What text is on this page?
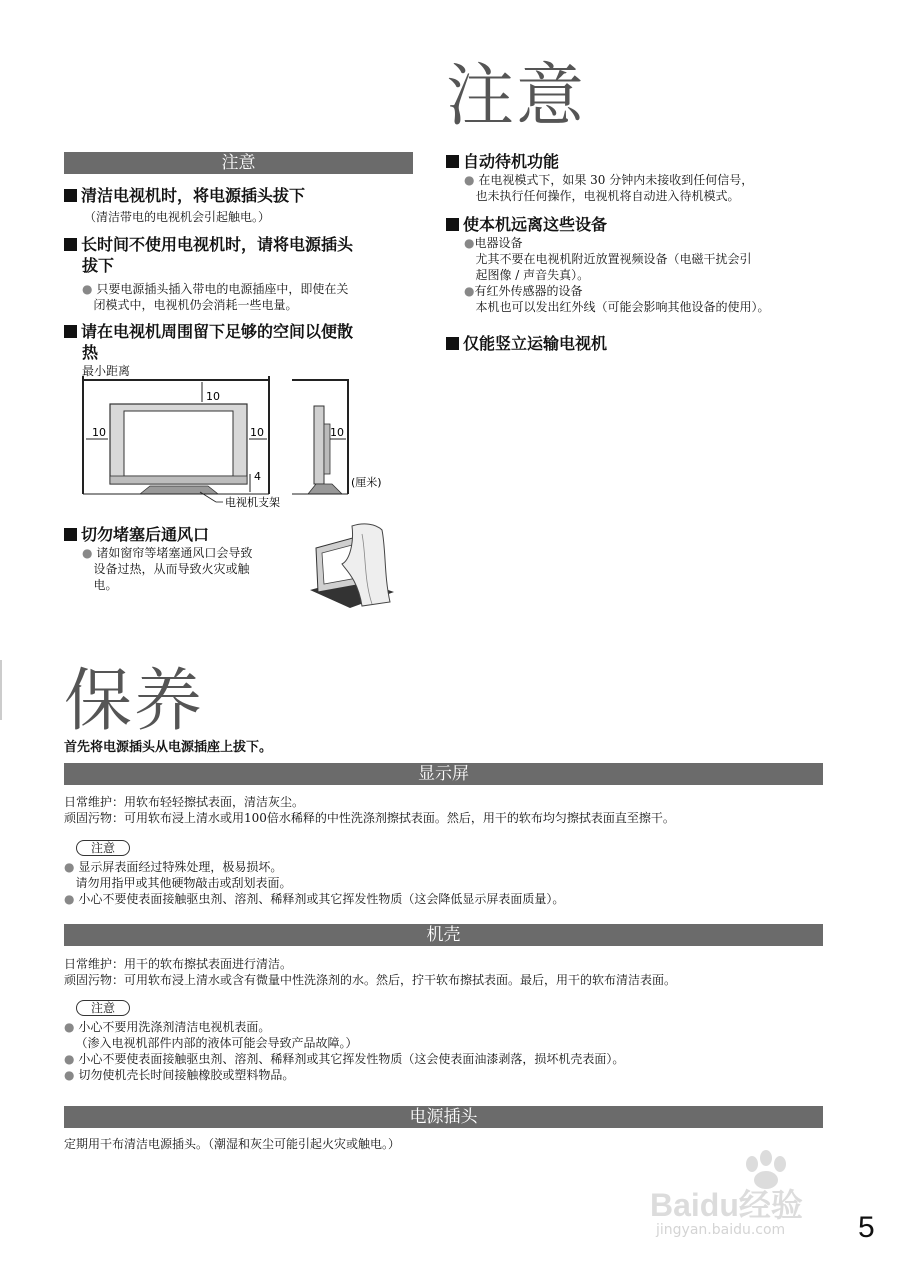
注意
注意
清洁电视机时，将电源插头拔下
（清洁带电的电视机会引起触电。）
长时间不使用电视机时，请将电源插头
拔下
● 只要电源插头插入带电的电源插座中，即使在关
闭模式中，电视机仍会消耗一些电量。
请在电视机周围留下足够的空间以便散
热
最小距离
10
10	10
4
电视机支架
10
(厘米)
切勿堵塞后通风口
● 诸如窗帘等堵塞通风口会导致
设备过热，从而导致火灾或触
电。
自动待机功能
● 在电视模式下，如果 30 分钟内未接收到任何信号，
也未执行任何操作，电视机将自动进入待机模式。
使本机远离这些设备
●电器设备
尤其不要在电视机附近放置视频设备（电磁干扰会引
起图像 / 声音失真）。
●有红外传感器的设备
本机也可以发出红外线（可能会影响其他设备的使用）。
仅能竖立运输电视机
保养
首先将电源插头从电源插座上拔下。
显示屏
日常维护：用软布轻轻擦拭表面，清洁灰尘。
顽固污物：可用软布浸上清水或用100倍水稀释的中性洗涤剂擦拭表面。然后，用干的软布均匀擦拭表面直至擦干。
注意
● 显示屏表面经过特殊处理，极易损坏。
请勿用指甲或其他硬物敲击或刮划表面。
● 小心不要使表面接触驱虫剂、溶剂、稀释剂或其它挥发性物质（这会降低显示屏表面质量）。
机壳
日常维护：用干的软布擦拭表面进行清洁。
顽固污物：可用软布浸上清水或含有微量中性洗涤剂的水。然后，拧干软布擦拭表面。最后，用干的软布清洁表面。
注意
● 小心不要用洗涤剂清洁电视机表面。
（渗入电视机部件内部的液体可能会导致产品故障。）
● 小心不要使表面接触驱虫剂、溶剂、稀释剂或其它挥发性物质（这会使表面油漆剥落，损坏机壳表面）。
● 切勿使机壳长时间接触橡胶或塑料物品。
电源插头
定期用干布清洁电源插头。（潮湿和灰尘可能引起火灾或触电。）
Baidu经验
jingyan.baidu.com 5
